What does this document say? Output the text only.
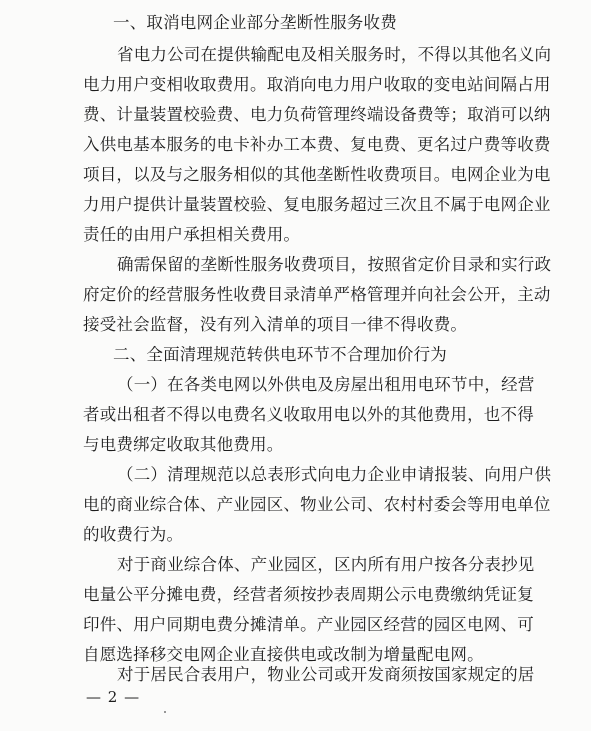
一、取消电网企业部分垄断性服务收费
省电力公司在提供输配电及相关服务时，不得以其他名义向
电力用户变相收取费用。取消向电力用户收取的变电站间隔占用
费、计量装置校验费、电力负荷管理终端设备费等；取消可以纳
入供电基本服务的电卡补办工本费、复电费、更名过户费等收费
项目，以及与之服务相似的其他垄断性收费项目。电网企业为电
力用户提供计量装置校验、复电服务超过三次且不属于电网企业
责任的由用户承担相关费用。
确需保留的垄断性服务收费项目，按照省定价目录和实行政
府定价的经营服务性收费目录清单严格管理并向社会公开，主动
接受社会监督，没有列入清单的项目一律不得收费。
二、全面清理规范转供电环节不合理加价行为
（一）在各类电网以外供电及房屋出租用电环节中，经营
者或出租者不得以电费名义收取用电以外的其他费用，也不得
与电费绑定收取其他费用。
（二）清理规范以总表形式向电力企业申请报装、向用户供
电的商业综合体、产业园区、物业公司、农村村委会等用电单位
的收费行为。
对于商业综合体、产业园区，区内所有用户按各分表抄见
电量公平分摊电费，经营者须按抄表周期公示电费缴纳凭证复
印件、用户同期电费分摊清单。产业园区经营的园区电网、可
自愿选择移交电网企业直接供电或改制为增量配电网。
对于居民合表用户，物业公司或开发商须按国家规定的居
— 2 —
